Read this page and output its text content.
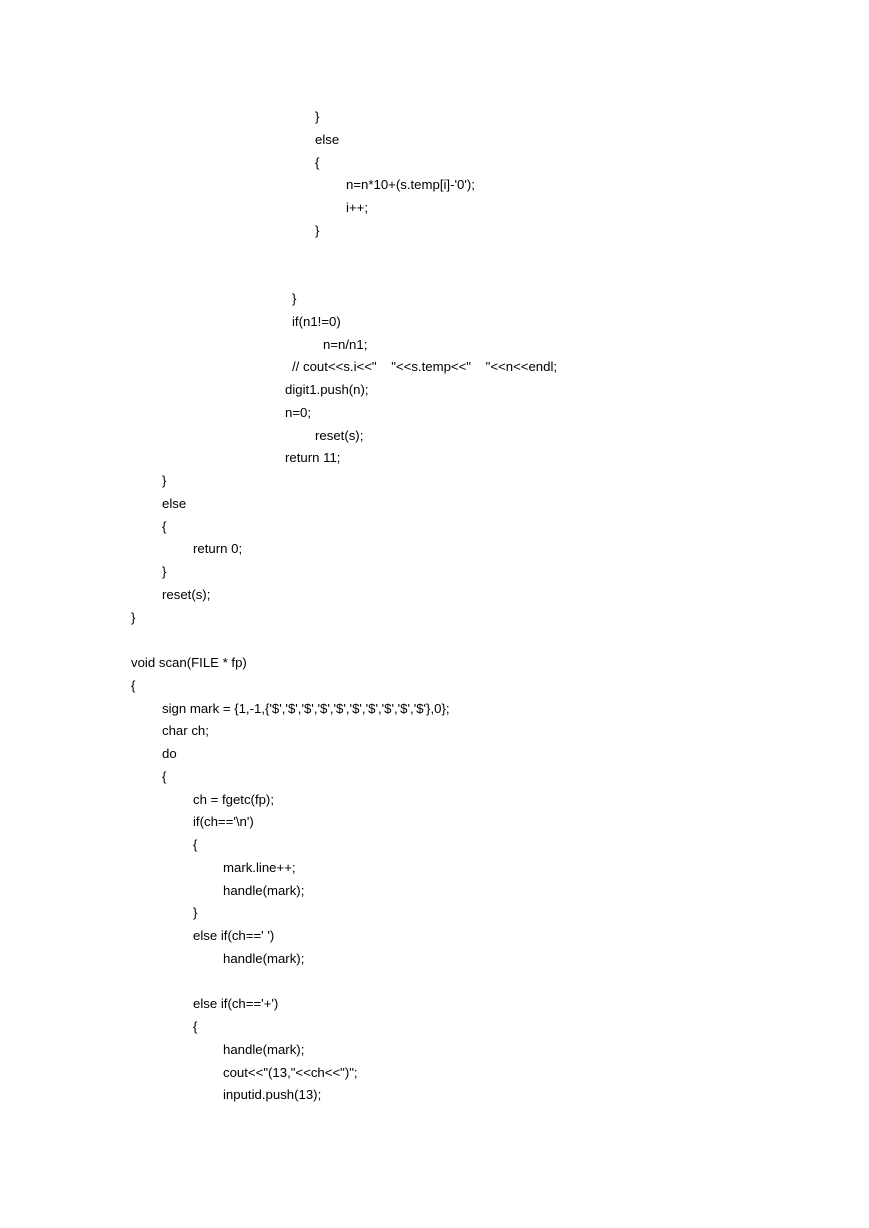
}
else
{
n=n*10+(s.temp[i]-'0');
i++;
}
}
if(n1!=0)
n=n/n1;
// cout<<s.i<<"    "<<s.temp<<"    "<<n<<endl;
digit1.push(n);
n=0;
reset(s);
return 11;
}
else
{
return 0;
}
reset(s);
}
void scan(FILE * fp)
{
sign mark = {1,-1,{'$','$','$','$','$','$','$','$','$','$'},0};
char ch;
do
{
ch = fgetc(fp);
if(ch=='\n')
{
mark.line++;
handle(mark);
}
else if(ch==' ')
handle(mark);
else if(ch=='+')
{
handle(mark);
cout<<"(13,"<<ch<<")";
inputid.push(13);
